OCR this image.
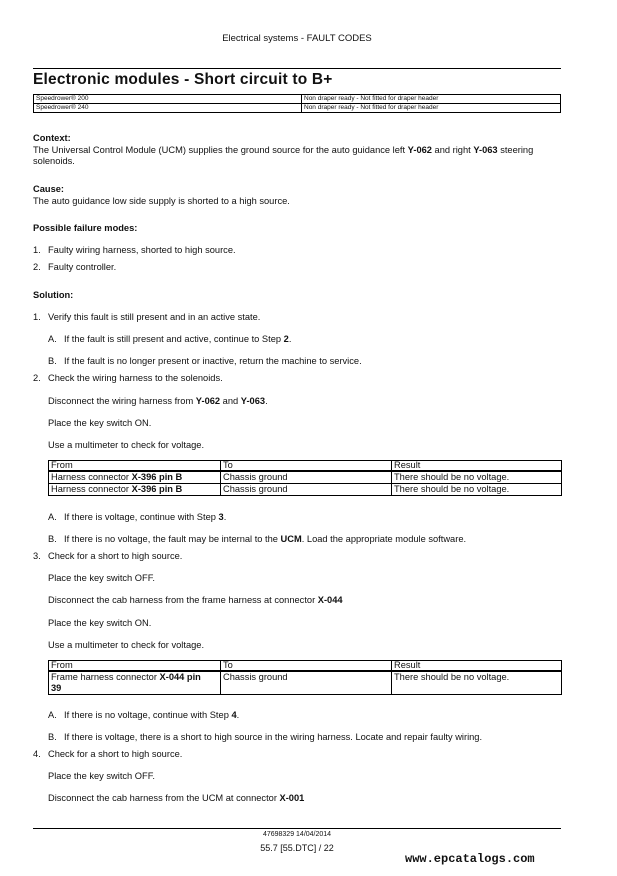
Electrical systems - FAULT CODES
Electronic modules - Short circuit to B+
Speedrower® 200	Non draper ready - Not fitted for draper header
Speedrower® 240	Non draper ready - Not fitted for draper header
Context:
The Universal Control Module (UCM) supplies the ground source for the auto guidance left Y-062 and right Y-063 steering solenoids.
Cause:
The auto guidance low side supply is shorted to a high source.
Possible failure modes:
1. Faulty wiring harness, shorted to high source.
2. Faulty controller.
Solution:
1. Verify this fault is still present and in an active state.
A. If the fault is still present and active, continue to Step 2.
B. If the fault is no longer present or inactive, return the machine to service.
2. Check the wiring harness to the solenoids.
Disconnect the wiring harness from Y-062 and Y-063.
Place the key switch ON.
Use a multimeter to check for voltage.
From	To	Result
Harness connector X-396 pin B	Chassis ground	There should be no voltage.
Harness connector X-396 pin B	Chassis ground	There should be no voltage.
A. If there is voltage, continue with Step 3.
B. If there is no voltage, the fault may be internal to the UCM. Load the appropriate module software.
3. Check for a short to high source.
Place the key switch OFF.
Disconnect the cab harness from the frame harness at connector X-044
Place the key switch ON.
Use a multimeter to check for voltage.
From	To	Result
Frame harness connector X-044 pin
39	Chassis ground	There should be no voltage.
A. If there is no voltage, continue with Step 4.
B. If there is voltage, there is a short to high source in the wiring harness. Locate and repair faulty wiring.
4. Check for a short to high source.
Place the key switch OFF.
Disconnect the cab harness from the UCM at connector X-001
47698329 14/04/2014
55.7 [55.DTC] / 22
www.epcatalogs.com
